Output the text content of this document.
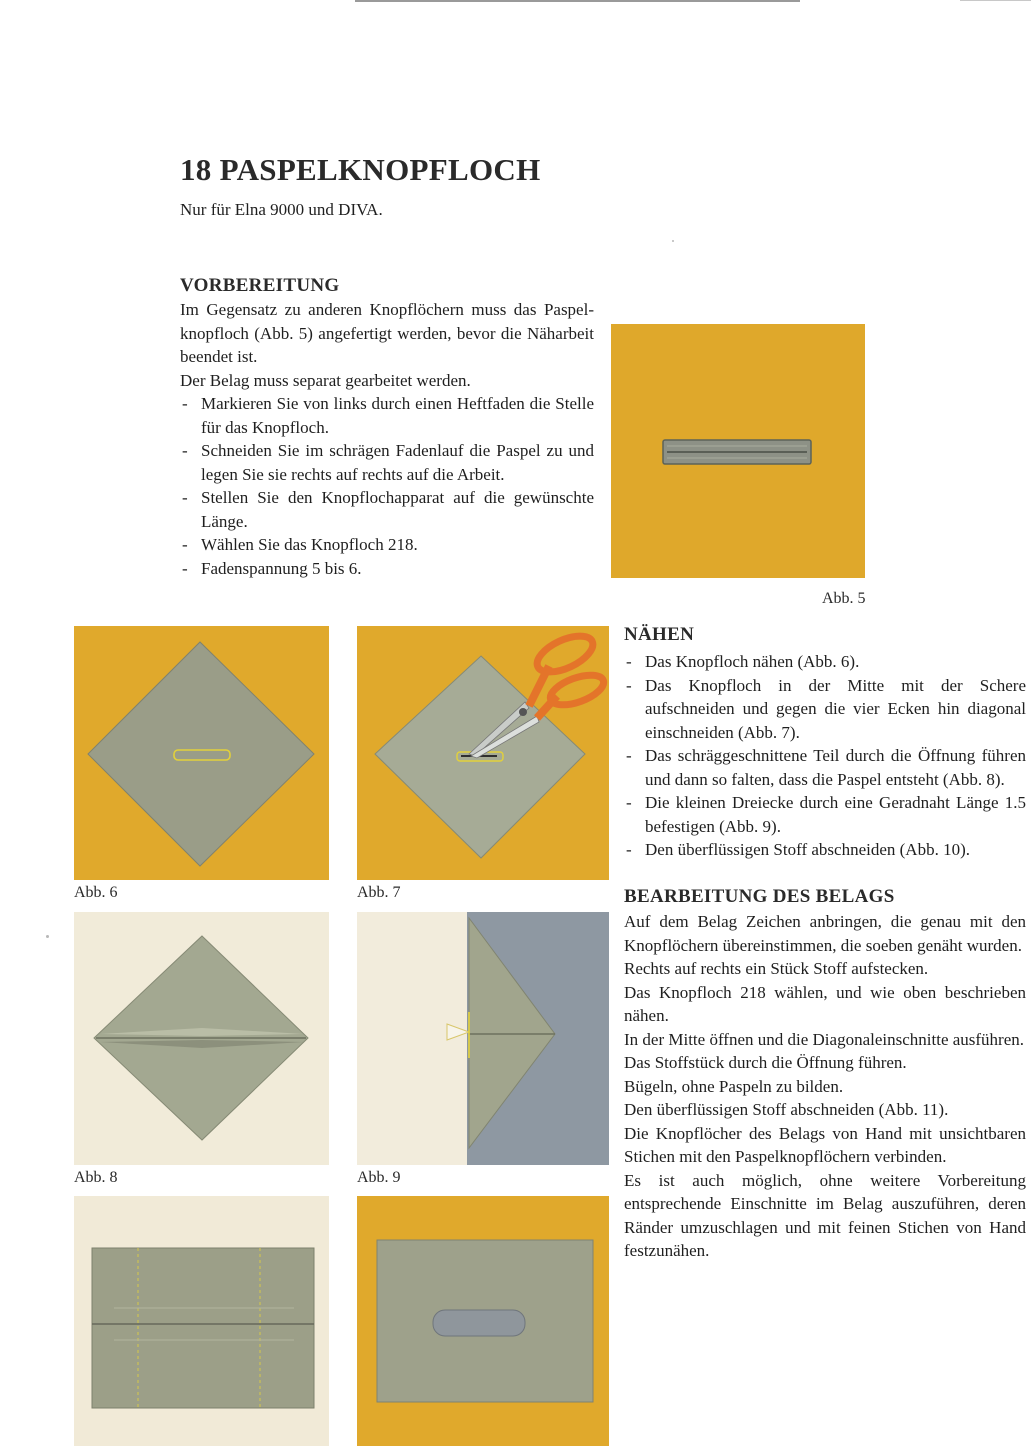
18 PASPELKNOPFLOCH
Nur für Elna 9000 und DIVA.
VORBEREITUNG

Im Gegensatz zu anderen Knopflöchern muss das Paspel-knopfloch (Abb. 5) angefertigt werden, bevor die Näharbeit beendet ist.

Der Belag muss separat gearbeitet werden.

- Markieren Sie von links durch einen Heftfaden die Stelle für das Knopfloch.
- Schneiden Sie im schrägen Fadenlauf die Paspel zu und legen Sie sie rechts auf rechts auf die Arbeit.
- Stellen Sie den Knopflochapparat auf die gewünschte Länge.
- Wählen Sie das Knopfloch 218.
- Fadenspannung 5 bis 6.
Abb. 5
NÄHEN
- Das Knopfloch nähen (Abb. 6).
- Das Knopfloch in der Mitte mit der Schere aufschneiden und gegen die vier Ecken hin diagonal einschneiden (Abb. 7).
- Das schräggeschnittene Teil durch die Öffnung führen und dann so falten, dass die Paspel entsteht (Abb. 8).
- Die kleinen Dreiecke durch eine Geradnaht Länge 1.5 befestigen (Abb. 9).
- Den überflüssigen Stoff abschneiden (Abb. 10).
BEARBEITUNG DES BELAGS

Auf dem Belag Zeichen anbringen, die genau mit den Knopflöchern übereinstimmen, die soeben genäht wurden.

Rechts auf rechts ein Stück Stoff aufstecken.

Das Knopfloch 218 wählen, und wie oben beschrieben nähen.

In der Mitte öffnen und die Diagonaleinschnitte ausführen.

Das Stoffstück durch die Öffnung führen.

Bügeln, ohne Paspeln zu bilden.

Den überflüssigen Stoff abschneiden (Abb. 11).

Die Knopflöcher des Belags von Hand mit unsichtbaren Stichen mit den Paspelknopflöchern verbinden.

Es ist auch möglich, ohne weitere Vorbereitung entsprechende Einschnitte im Belag auszuführen, deren Ränder umzuschlagen und mit feinen Stichen von Hand festzunähen.

Abb. 6	Abb. 7
Abb. 8	Abb. 9
